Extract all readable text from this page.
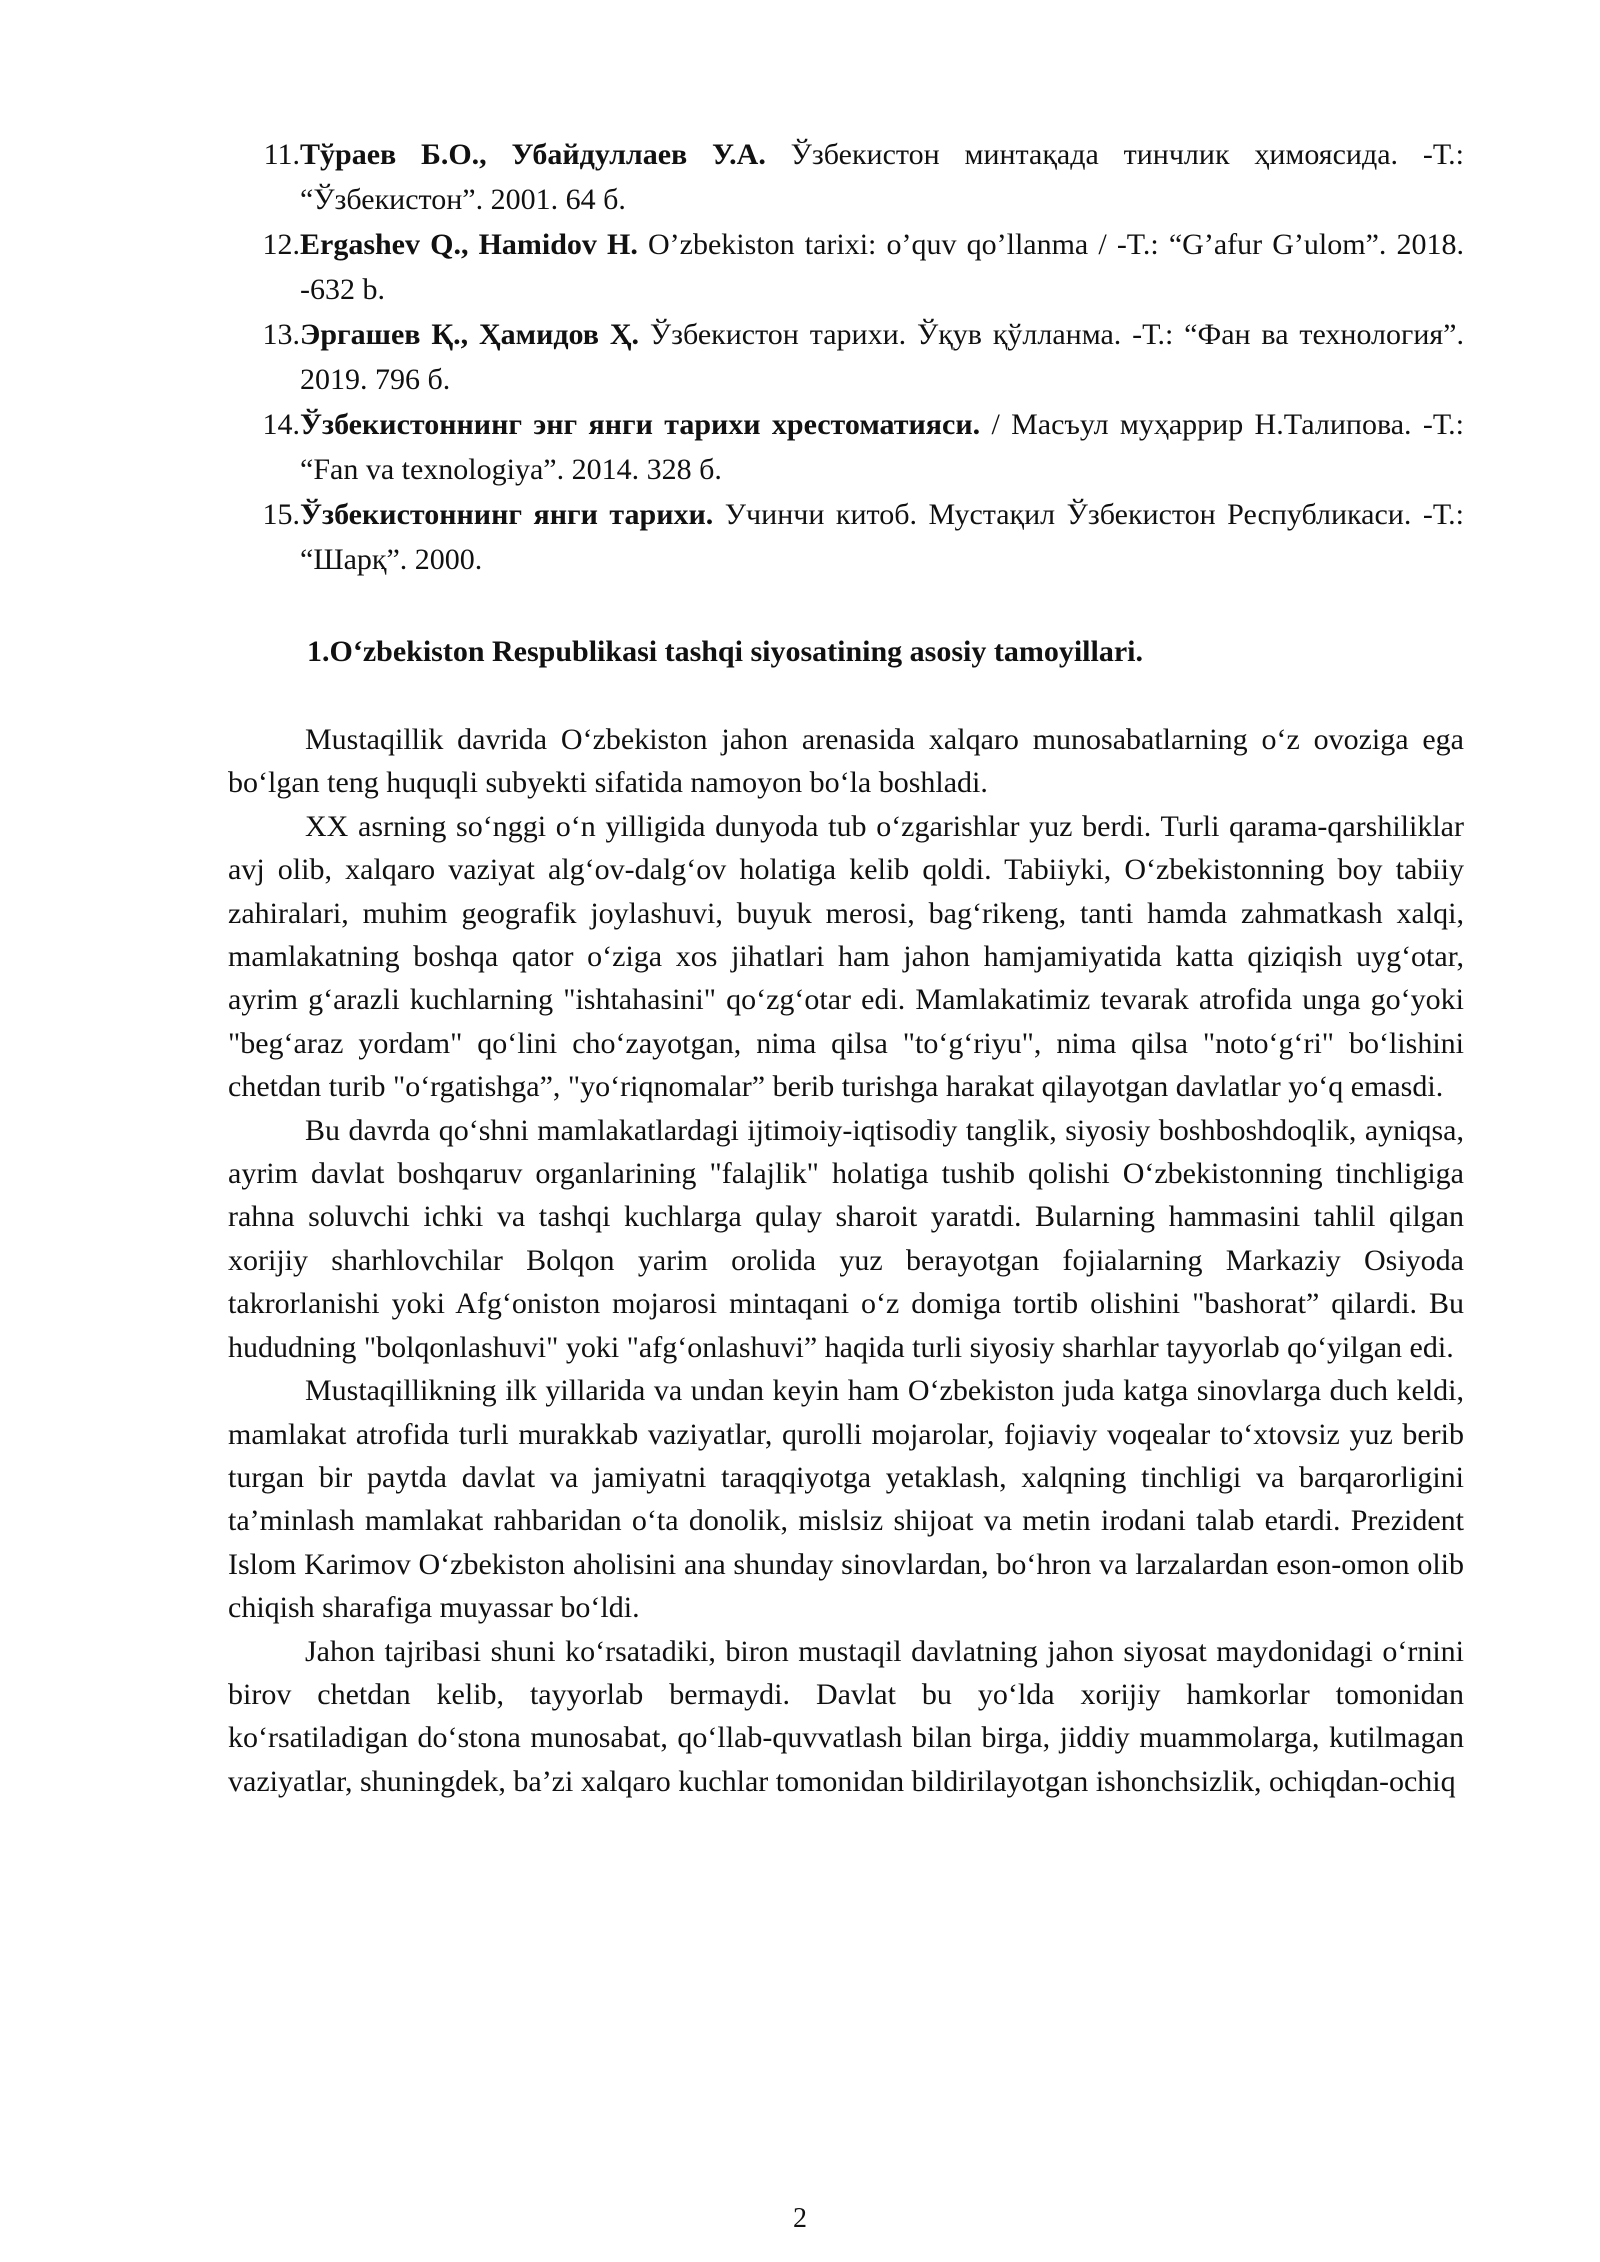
11. Тўраев Б.О., Убайдуллаев У.А. Ўзбекистон минтақада тинчлик ҳимоясида. -Т.: “Ўзбекистон”. 2001. 64 б.
12. Ergashev Q., Hamidov H. O’zbekiston tarixi: o’quv qo’llanma / -T.: “G’afur G’ulom”. 2018. -632 b.
13. Эргашев Қ., Ҳамидов Ҳ. Ўзбекистон тарихи. Ўқув қўлланма. -Т.: “Фан ва технология”. 2019. 796 б.
14. Ўзбекистоннинг энг янги тарихи хрестоматияси. / Масъул муҳаррир Н.Талипова. -Т.: “Fan va texnologiya”. 2014. 328 б.
15. Ўзбекистоннинг янги тарихи. Учинчи китоб. Мустақил Ўзбекистон Республикаси. -Т.: “Шарқ”. 2000.
1.O‘zbekiston Respublikasi tashqi siyosatining asosiy tamoyillari.

Mustaqillik davrida O‘zbekiston jahon arenasida xalqaro munosabatlarning o‘z ovoziga ega bo‘lgan teng huquqli subyekti sifatida namoyon bo‘la boshladi.

XX asrning so‘nggi o‘n yilligida dunyoda tub o‘zgarishlar yuz berdi. Turli qarama-qarshiliklar avj olib, xalqaro vaziyat alg‘ov-dalg‘ov holatiga kelib qoldi. Tabiiyki, O‘zbekistonning boy tabiiy zahiralari, muhim geografik joylashuvi, buyuk merosi, bag‘rikeng, tanti hamda zahmatkash xalqi, mamlakatning boshqa qator o‘ziga xos jihatlari ham jahon hamjamiyatida katta qiziqish uyg‘otar, ayrim g‘arazli kuchlarning "ishtahasini" qo‘zg‘otar edi. Mamlakatimiz tevarak atrofida unga go‘yoki "beg‘araz yordam" qo‘lini cho‘zayotgan, nima qilsa "to‘g‘riyu", nima qilsa "noto‘g‘ri" bo‘lishini chetdan turib "o‘rgatishga”, "yo‘riqnomalar” berib turishga harakat qilayotgan davlatlar yo‘q emasdi.

Bu davrda qo‘shni mamlakatlardagi ijtimoiy-iqtisodiy tanglik, siyosiy boshboshdoqlik, ayniqsa, ayrim davlat boshqaruv organlarining "falajlik" holatiga tushib qolishi O‘zbekistonning tinchligiga rahna soluvchi ichki va tashqi kuchlarga qulay sharoit yaratdi. Bularning hammasini tahlil qilgan xorijiy sharhlovchilar Bolqon yarim orolida yuz berayotgan fojialarning Markaziy Osiyoda takrorlanishi yoki Afg‘oniston mojarosi mintaqani o‘z domiga tortib olishini "bashorat” qilardi. Bu hududning "bolqonlashuvi" yoki "afg‘onlashuvi” haqida turli siyosiy sharhlar tayyorlab qo‘yilgan edi.

Mustaqillikning ilk yillarida va undan keyin ham O‘zbekiston juda katga sinovlarga duch keldi, mamlakat atrofida turli murakkab vaziyatlar, qurolli mojarolar, fojiaviy voqealar to‘xtovsiz yuz berib turgan bir paytda davlat va jamiyatni taraqqiyotga yetaklash, xalqning tinchligi va barqarorligini ta’minlash mamlakat rahbaridan o‘ta donolik, mislsiz shijoat va metin irodani talab etardi. Prezident Islom Karimov O‘zbekiston aholisini ana shunday sinovlardan, bo‘hron va larzalardan eson-omon olib chiqish sharafiga muyassar bo‘ldi.

Jahon tajribasi shuni ko‘rsatadiki, biron mustaqil davlatning jahon siyosat maydonidagi o‘rnini birov chetdan kelib, tayyorlab bermaydi. Davlat bu yo‘lda xorijiy hamkorlar tomonidan ko‘rsatiladigan do‘stona munosabat, qo‘llab-quvvatlash bilan birga, jiddiy muammolarga, kutilmagan vaziyatlar, shuningdek, ba’zi xalqaro kuchlar tomonidan bildirilayotgan ishonchsizlik, ochiqdan-ochiq

2
